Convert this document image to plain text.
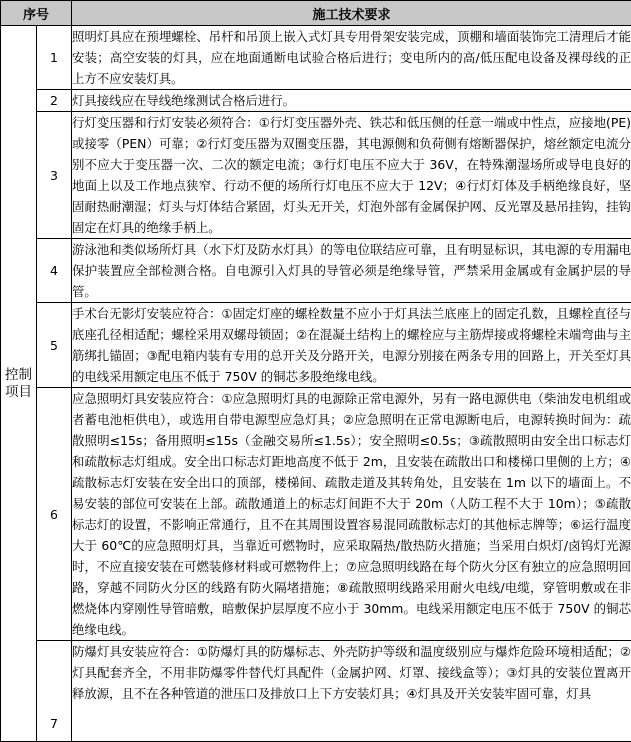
序号		施工技术要求
控制项目	1	照明灯具应在预埋螺栓、吊杆和吊顶上嵌入式灯具专用骨架安装完成，顶棚和墙面装饰完工清理后才能安装；高空安装的灯具，应在地面通断电试验合格后进行；变电所内的高/低压配电设备及裸母线的正上方不应安装灯具。
	2	灯具接线应在导线绝缘测试合格后进行。
	3	行灯变压器和行灯安装必须符合：①行灯变压器外壳、铁芯和低压侧的任意一端或中性点，应接地(PE)或接零（PEN）可靠；②行灯变压器为双圈变压器，其电源侧和负荷侧有熔断器保护，熔丝额定电流分别不应大于变压器一次、二次的额定电流；③行灯电压不应大于 36V，在特殊潮湿场所或导电良好的地面上以及工作地点狭窄、行动不便的场所行灯电压不应大于 12V；④行灯灯体及手柄绝缘良好，坚固耐热耐潮湿；灯头与灯体结合紧固，灯头无开关，灯泡外部有金属保护网、反光罩及悬吊挂钩，挂钩固定在灯具的绝缘手柄上。
	4	游泳池和类似场所灯具（水下灯及防水灯具）的等电位联结应可靠，且有明显标识，其电源的专用漏电保护装置应全部检测合格。自电源引入灯具的导管必须是绝缘导管，严禁采用金属或有金属护层的导管。
	5	手术台无影灯安装应符合：①固定灯座的螺栓数量不应小于灯具法兰底座上的固定孔数，且螺栓直径与底座孔径相适配；螺栓采用双螺母锁固；②在混凝土结构上的螺栓应与主筋焊接或将螺栓末端弯曲与主筋绑扎锚固；③配电箱内装有专用的总开关及分路开关，电源分别接在两条专用的回路上，开关至灯具的电线采用额定电压不低于 750V 的铜芯多股绝缘电线。
	6	应急照明灯具安装应符合：①应急照明灯具的电源除正常电源外，另有一路电源供电（柴油发电机组或者蓄电池柜供电），或选用自带电源型应急灯具；②应急照明在正常电源断电后，电源转换时间为：疏散照明≤15s；备用照明≤15s（金融交易所≤1.5s）；安全照明≤0.5s；③疏散照明由安全出口标志灯和疏散标志灯组成。安全出口标志灯距地高度不低于 2m，且安装在疏散出口和楼梯口里侧的上方；④疏散标志灯安装在安全出口的顶部，楼梯间、疏散走道及其转角处，且安装在 1m 以下的墙面上。不易安装的部位可安装在上部。疏散通道上的标志灯间距不大于 20m（人防工程不大于 10m）；⑤疏散标志灯的设置，不影响正常通行，且不在其周围设置容易混同疏散标志灯的其他标志牌等；⑥运行温度大于 60℃的应急照明灯具，当靠近可燃物时，应采取隔热/散热防火措施；当采用白炽灯/卤钨灯光源时，不应直接安装在可燃装修材料或可燃物件上；⑦应急照明线路在每个防火分区有独立的应急照明回路，穿越不同防火分区的线路有防火隔堵措施；⑧疏散照明线路采用耐火电线/电缆，穿管明敷或在非燃烧体内穿刚性导管暗敷，暗敷保护层厚度不应小于 30mm。电线采用额定电压不低于 750V 的铜芯绝缘电线。
	7	防爆灯具安装应符合：①防爆灯具的防爆标志、外壳防护等级和温度级别应与爆炸危险环境相适配；②灯具配套齐全，不用非防爆零件替代灯具配件（金属护网、灯罩、接线盒等）；③灯具的安装位置离开释放源，且不在各种管道的泄压口及排放口上下方安装灯具；④灯具及开关安装牢固可靠，灯具
